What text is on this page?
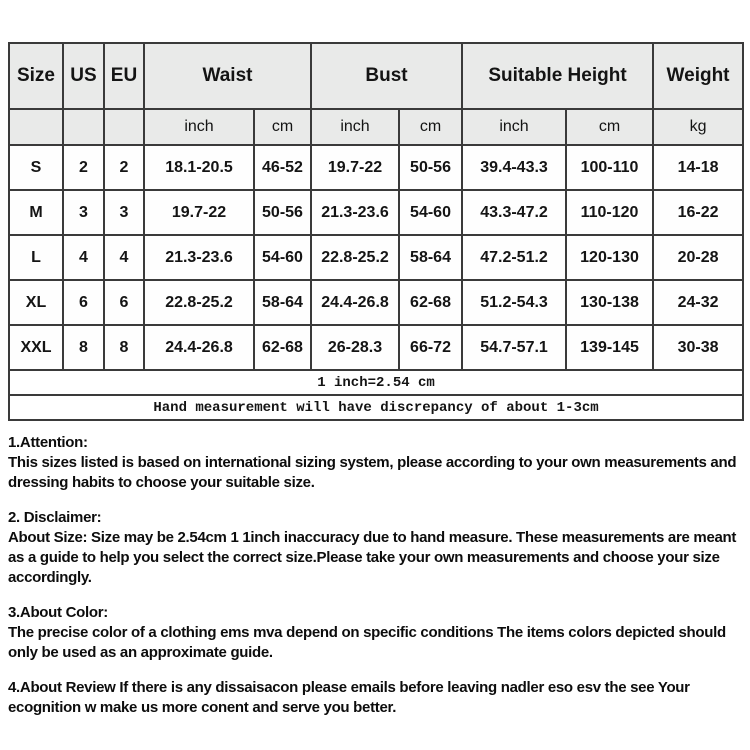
Size	US	EU	Waist		Bust		Suitable Height		Weight
			inch	cm	inch	cm	inch	cm	kg
S	2	2	18.1-20.5	46-52	19.7-22	50-56	39.4-43.3	100-110	14-18
M	3	3	19.7-22	50-56	21.3-23.6	54-60	43.3-47.2	110-120	16-22
L	4	4	21.3-23.6	54-60	22.8-25.2	58-64	47.2-51.2	120-130	20-28
XL	6	6	22.8-25.2	58-64	24.4-26.8	62-68	51.2-54.3	130-138	24-32
XXL	8	8	24.4-26.8	62-68	26-28.3	66-72	54.7-57.1	139-145	30-38
1 inch=2.54 cm									
Hand measurement will have discrepancy of about 1-3cm									
1.Attention:
This sizes listed is based on international sizing system, please according to your own measurements and dressing habits to choose your suitable size.
2. Disclaimer:
About Size: Size may be 2.54cm 1 1inch inaccuracy due to hand measure. These measurements are meant as a guide to help you select the correct size.Please take your own measurements and choose your size accordingly.
3.About Color:
The precise color of a clothing ems mva depend on specific conditions The items colors depicted should only be used as an approximate guide.
4.About Review If there is any dissaisacon please emails before leaving nadler eso esv the see Your ecognition w make us more conent and serve you better.
